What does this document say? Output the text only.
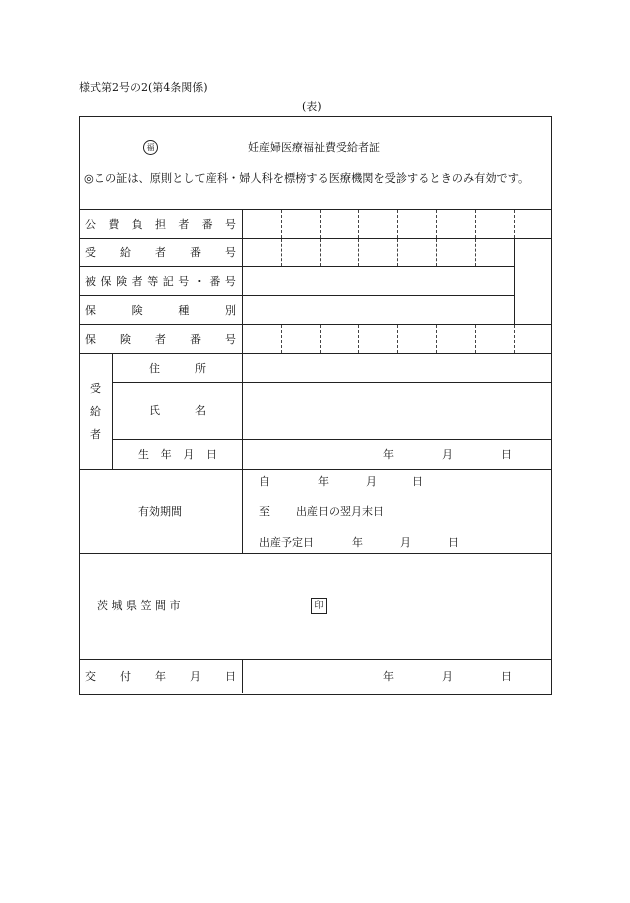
様式第2号の2(第4条関係)
(表)
福	妊産婦医療福祉費受給者証
◎この証は、原則として産科・婦人科を標榜する医療機関を受診するときのみ有効です。
公 費 負 担 者 番 号
受 給 者 番 号
被 保 険 者 等 記 号 ・ 番 号
保	険	種	別
保 険 者 番 号
受
給
者
住	所
氏	名
生 年 月 日	年	月	日
有効期間
自	年	月	日
至 出産日の翌月末日
出産予定日	年	月	日
茨 城 県 笠 間 市	印
交 付 年 月 日	年	月	日
